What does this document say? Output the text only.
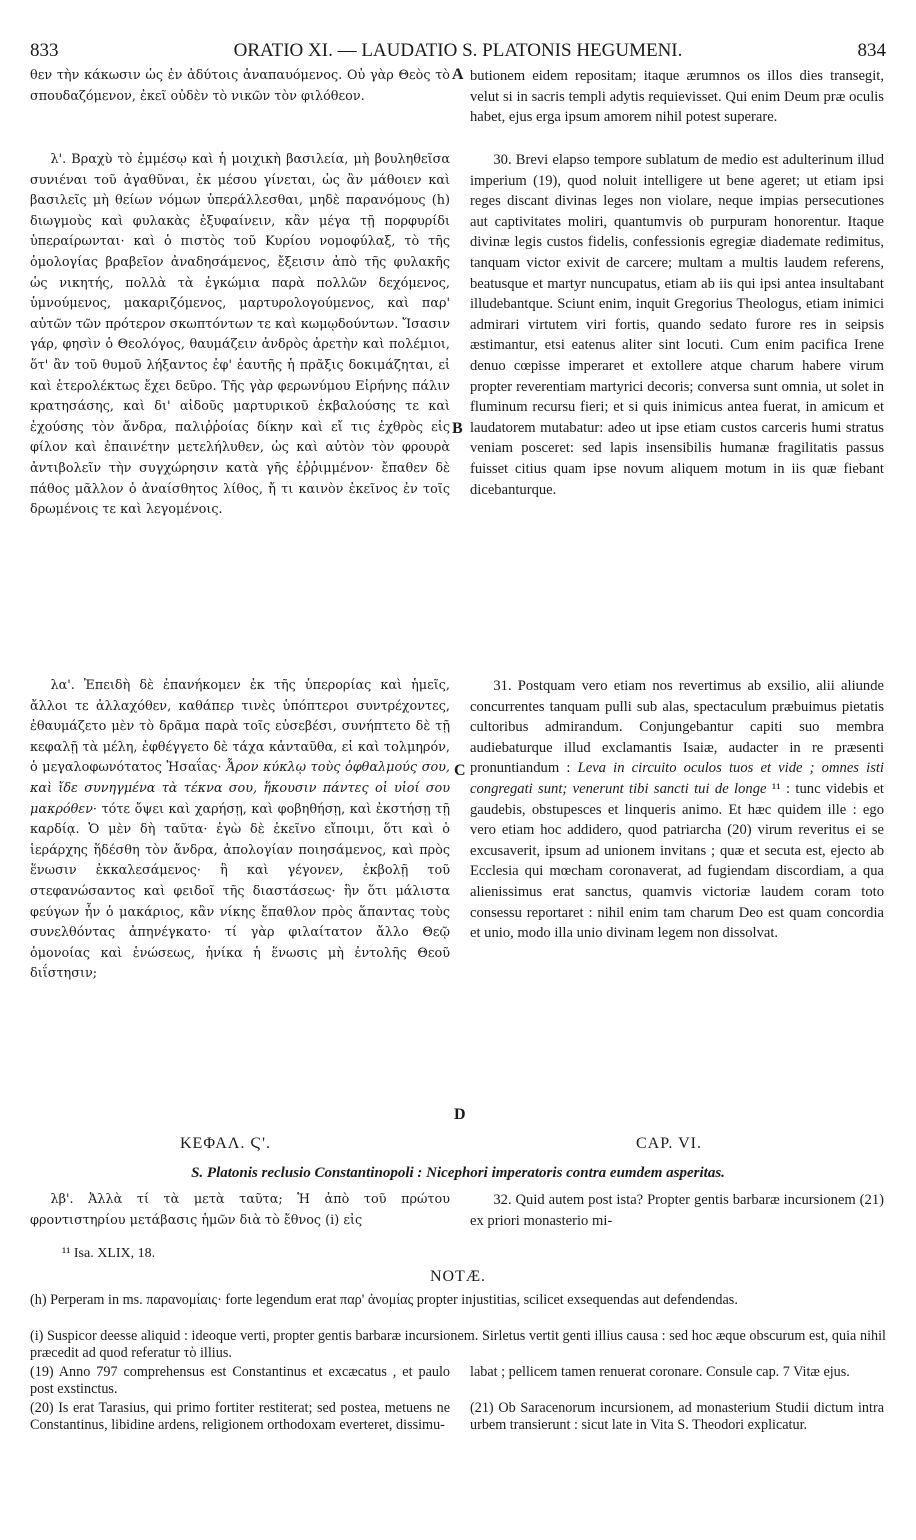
833	ORATIO XI. — LAUDATIO S. PLATONIS HEGUMENI.	834

θεν τὴν κάκωσιν ὡς ἐν ἀδύτοις ἀναπαυόμενος. Οὐ γὰρ Θεὸς τὸ σπουδαζόμενον, ἐκεῖ οὐδὲν τὸ νικῶν τὸν φιλόθεον.

λ'. Βραχὺ τὸ ἐμμέσῳ καὶ ἡ μοιχικὴ βασιλεία, μὴ βουληθεῖσα συνιέναι τοῦ ἀγαθῦναι, ἐκ μέσου γίνεται, ὡς ἂν μάθοιεν καὶ βασιλεῖς μὴ θείων νόμων ὑπεράλλεσθαι, μηδὲ παρανόμους (h) διωγμοὺς καὶ φυλακὰς ἐξυφαίνειν, κἂν μέγα τῇ πορφυρίδι ὑπεραίρωνται· καὶ ὁ πιστὸς τοῦ Κυρίου νομοφύλαξ, τὸ τῆς ὁμολογίας βραβεῖον ἀναδησάμενος, ἔξεισιν ἀπὸ τῆς φυλακῆς ὡς νικητής, πολλὰ τὰ ἐγκώμια παρὰ πολλῶν δεχόμενος, ὑμνούμενος, μακαριζόμενος, μαρτυρολογούμενος, καὶ παρ' αὐτῶν τῶν πρότερον σκωπτόντων τε καὶ κωμῳδούντων. Ἴσασιν γάρ, φησὶν ὁ Θεολόγος, θαυμάζειν ἀνδρὸς ἀρετὴν καὶ πολέμιοι, ὅτ' ἂν τοῦ θυμοῦ λήξαντος ἐφ' ἑαυτῆς ἡ πρᾶξις δοκιμάζηται, εἰ καὶ ἑτερολέκτως ἔχει δεῦρο. Τῆς γὰρ φερωνύμου Εἰρήνης πάλιν κρατησάσης, καὶ δι' αἰδοῦς μαρτυρικοῦ ἐκβαλούσης τε καὶ ἐχούσης τὸν ἄνδρα, παλιῤῥοίας δίκην καὶ εἴ τις ἐχθρὸς εἰς φίλον καὶ ἐπαινέτην μετελήλυθεν, ὡς καὶ αὐτὸν τὸν φρουρὰ ἀντιβολεῖν τὴν συγχώρησιν κατὰ γῆς ἐῤῥιμμένον· ἔπαθεν δὲ πάθος μᾶλλον ὁ ἀναίσθητος λίθος, ἤ τι καινὸν ἐκεῖνος ἐν τοῖς δρωμένοις τε καὶ λεγομένοις.

λα'. Ἐπειδὴ δὲ ἐπανήκομεν ἐκ τῆς ὑπερορίας καὶ ἡμεῖς, ἄλλοι τε ἀλλαχόθεν, καθάπερ τινὲς ὑπόπτεροι συντρέχοντες, ἐθαυμάζετο μὲν τὸ δρᾶμα παρὰ τοῖς εὐσεβέσι, συνήπτετο δὲ τῇ κεφαλῇ τὰ μέλη, ἐφθέγγετο δὲ τάχα κἀνταῦθα, εἰ καὶ τολμηρόν, ὁ μεγαλοφωνότατος Ἡσαΐας· Ἆρον κύκλῳ τοὺς ὀφθαλμούς σου, καὶ ἴδε συνηγμένα τὰ τέκνα σου, ἥκουσιν πάντες οἱ υἱοί σου μακρόθεν· τότε ὄψει καὶ χαρήσῃ, καὶ φοβηθήσῃ, καὶ ἐκστήσῃ τῇ καρδίᾳ. Ὁ μὲν δὴ ταῦτα· ἐγὼ δὲ ἐκεῖνο εἴποιμι, ὅτι καὶ ὁ ἱεράρχης ἥδέσθη τὸν ἄνδρα, ἀπολογίαν ποιησάμενος, καὶ πρὸς ἕνωσιν ἐκκαλεσάμενος· ἣ καὶ γέγονεν, ἐκβολῇ τοῦ στεφανώσαντος καὶ φειδοῖ τῆς διαστάσεως· ἣν ὅτι μάλιστα φεύγων ἦν ὁ μακάριος, κἂν νίκης ἔπαθλον πρὸς ἅπαντας τοὺς συνελθόντας ἀπηνέγκατο· τί γὰρ φιλαίτατον ἄλλο Θεῷ ὁμονοίας καὶ ἑνώσεως, ἡνίκα ἡ ἕνωσις μὴ ἐντολῆς Θεοῦ διΐστησιν;

λβ'. Ἀλλὰ τί τὰ μετὰ ταῦτα; Ἡ ἀπὸ τοῦ πρώτου φροντιστηρίου μετάβασις ἡμῶν διὰ τὸ ἔθνος (i) εἰς

butionem eidem repositam; itaque ærumnos os illos dies transegit, velut si in sacris templi adytis requievisset. Qui enim Deum præ oculis habet, ejus erga ipsum amorem nihil potest superare.

30. Brevi elapso tempore sublatum de medio est adulterinum illud imperium (19), quod noluit intelligere ut bene ageret; ut etiam ipsi reges discant divinas leges non violare, neque impias persecutiones aut captivitates moliri, quantumvis ob purpuram honorentur. Itaque divinæ legis custos fidelis, confessionis egregiæ diademate redimitus, tanquam victor exivit de carcere; multam a multis laudem referens, beatusque et martyr nuncupatus, etiam ab iis qui ipsi antea insultabant illudebantque. Sciunt enim, inquit Gregorius Theologus, etiam inimici admirari virtutem viri fortis, quando sedato furore res in seipsis æstimantur, etsi eatenus aliter sint locuti. Cum enim pacifica Irene denuo cœpisse imperaret et extollere atque charum habere virum propter reverentiam martyrici decoris; conversa sunt omnia, ut solet in fluminum recursu fieri; et si quis inimicus antea fuerat, in amicum et laudatorem mutabatur: adeo ut ipse etiam custos carceris humi stratus veniam posceret: sed lapis insensibilis humanæ fragilitatis passus fuisset citius quam ipse novum aliquem motum in iis quæ fiebant dicebanturque.

31. Postquam vero etiam nos revertimus ab exsilio, alii aliunde concurrentes tanquam pulli sub alas, spectaculum præbuimus pietatis cultoribus admirandum. Conjungebantur capiti suo membra audiebaturque illud exclamantis Isaiæ, audacter in re præsenti pronuntiandum : Leva in circuito oculos tuos et vide ; omnes isti congregati sunt; venerunt tibi sancti tui de longe ¹¹ : tunc videbis et gaudebis, obstupesces et linqueris animo. Et hæc quidem ille : ego vero etiam hoc addidero, quod patriarcha (20) virum reveritus ei se excusaverit, ipsum ad unionem invitans ; quæ et secuta est, ejecto ab Ecclesia qui mœcham coronaverat, ad fugiendam discordiam, a qua alienissimus erat sanctus, quamvis victoriæ laudem coram toto consessu reportaret : nihil enim tam charum Deo est quam concordia et unio, modo illa unio divinam legem non dissolvat.

32. Quid autem post ista? Propter gentis barbaræ incursionem (21) ex priori monasterio mi-

A
B
C
D
ΚΕΦΑΛ. Ϛ'.	CAP. VI.
S. Platonis reclusio Constantinopoli : Nicephori imperatoris contra eumdem asperitas.
¹¹ Isa. XLIX, 18.
NOTÆ.
(h) Perperam in ms. παρανομίαις· forte legendum erat παρ' ἀνομίας propter injustitias, scilicet exsequendas aut defendendas.
(i) Suspicor deesse aliquid : ideoque verti, propter gentis barbaræ incursionem. Sirletus vertit genti illius causa : sed hoc æque obscurum est, quia nihil præcedit ad quod referatur τὸ illius.
(19) Anno 797 comprehensus est Constantinus et excæcatus , et paulo post exstinctus.
(20) Is erat Tarasius, qui primo fortiter restiterat; sed postea, metuens ne Constantinus, libidine ardens, religionem orthodoxam everteret, dissimu-
labat ; pellicem tamen renuerat coronare. Consule cap. 7 Vitæ ejus.
(21) Ob Saracenorum incursionem, ad monasterium Studii dictum intra urbem transierunt : sicut late in Vita S. Theodori explicatur.
